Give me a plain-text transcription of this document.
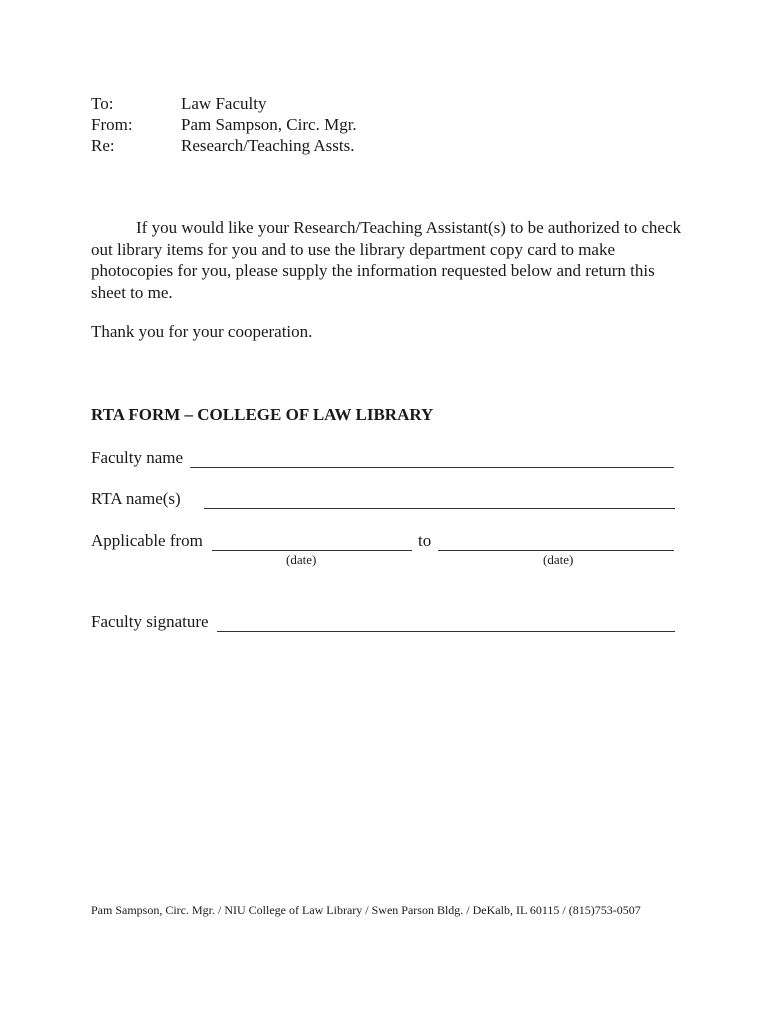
To:	Law Faculty
From:	Pam Sampson, Circ. Mgr.
Re:	Research/Teaching Assts.

If you would like your Research/Teaching Assistant(s) to be authorized to check out library items for you and to use the library department copy card to make photocopies for you, please supply the information requested below and return this sheet to me.

Thank you for your cooperation.

RTA FORM – COLLEGE OF LAW LIBRARY
Faculty name
RTA name(s)
Applicable from	to
(date)	(date)
Faculty signature

Pam Sampson, Circ. Mgr. / NIU College of Law Library / Swen Parson Bldg. / DeKalb, IL 60115 / (815)753-0507
